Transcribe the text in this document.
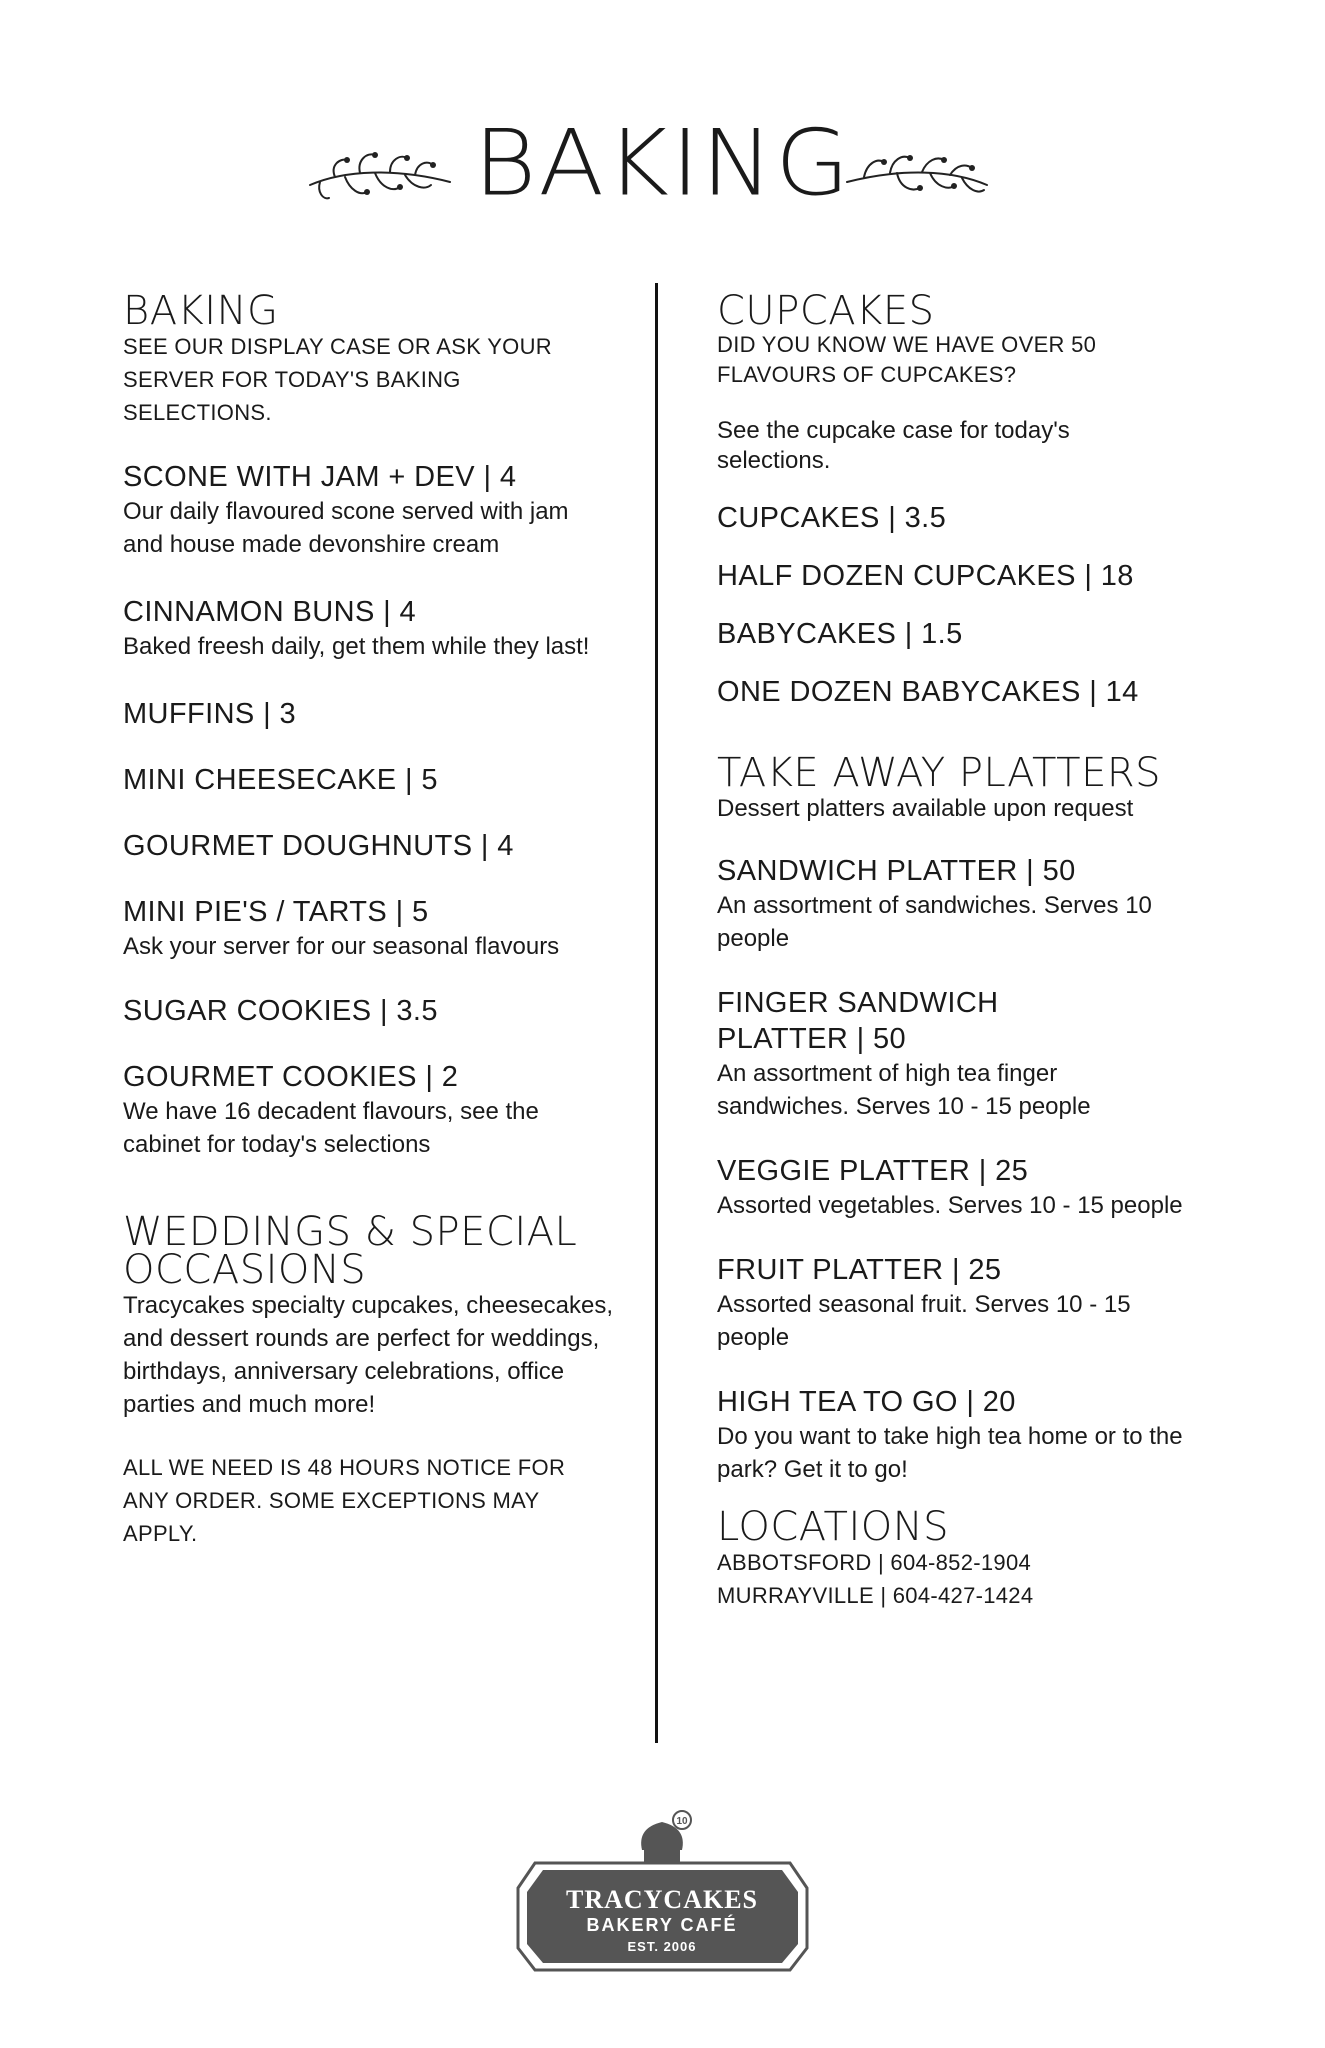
BAKING
BAKING

SEE OUR DISPLAY CASE OR ASK YOUR SERVER FOR TODAY'S BAKING SELECTIONS.

SCONE WITH JAM + DEV | 4

Our daily flavoured scone served with jam and house made devonshire cream

CINNAMON BUNS | 4

Baked freesh daily, get them while they last!

MUFFINS | 3

MINI CHEESECAKE | 5

GOURMET DOUGHNUTS | 4

MINI PIE'S / TARTS | 5

Ask your server for our seasonal flavours

SUGAR COOKIES | 3.5

GOURMET COOKIES | 2

We have 16 decadent flavours, see the cabinet for today's selections

WEDDINGS & SPECIAL OCCASIONS

Tracycakes specialty cupcakes, cheesecakes, and dessert rounds are perfect for weddings, birthdays, anniversary celebrations, office parties and much more!

ALL WE NEED IS 48 HOURS NOTICE FOR ANY ORDER. SOME EXCEPTIONS MAY APPLY.

CUPCAKES

DID YOU KNOW WE HAVE OVER 50 FLAVOURS OF CUPCAKES?

See the cupcake case for today's selections.

CUPCAKES | 3.5

HALF DOZEN CUPCAKES | 18

BABYCAKES | 1.5

ONE DOZEN BABYCAKES | 14

TAKE AWAY PLATTERS

Dessert platters available upon request

SANDWICH PLATTER | 50

An assortment of sandwiches. Serves 10 people

FINGER SANDWICH PLATTER | 50

An assortment of high tea finger sandwiches. Serves 10 - 15 people

VEGGIE PLATTER | 25

Assorted vegetables. Serves 10 - 15 people

FRUIT PLATTER | 25

Assorted seasonal fruit. Serves 10 - 15 people

HIGH TEA TO GO | 20

Do you want to take high tea home or to the park? Get it to go!

LOCATIONS

ABBOTSFORD | 604-852-1904

MURRAYVILLE | 604-427-1424

10
TRACYCAKES
BAKERY CAFÉ
EST. 2006
